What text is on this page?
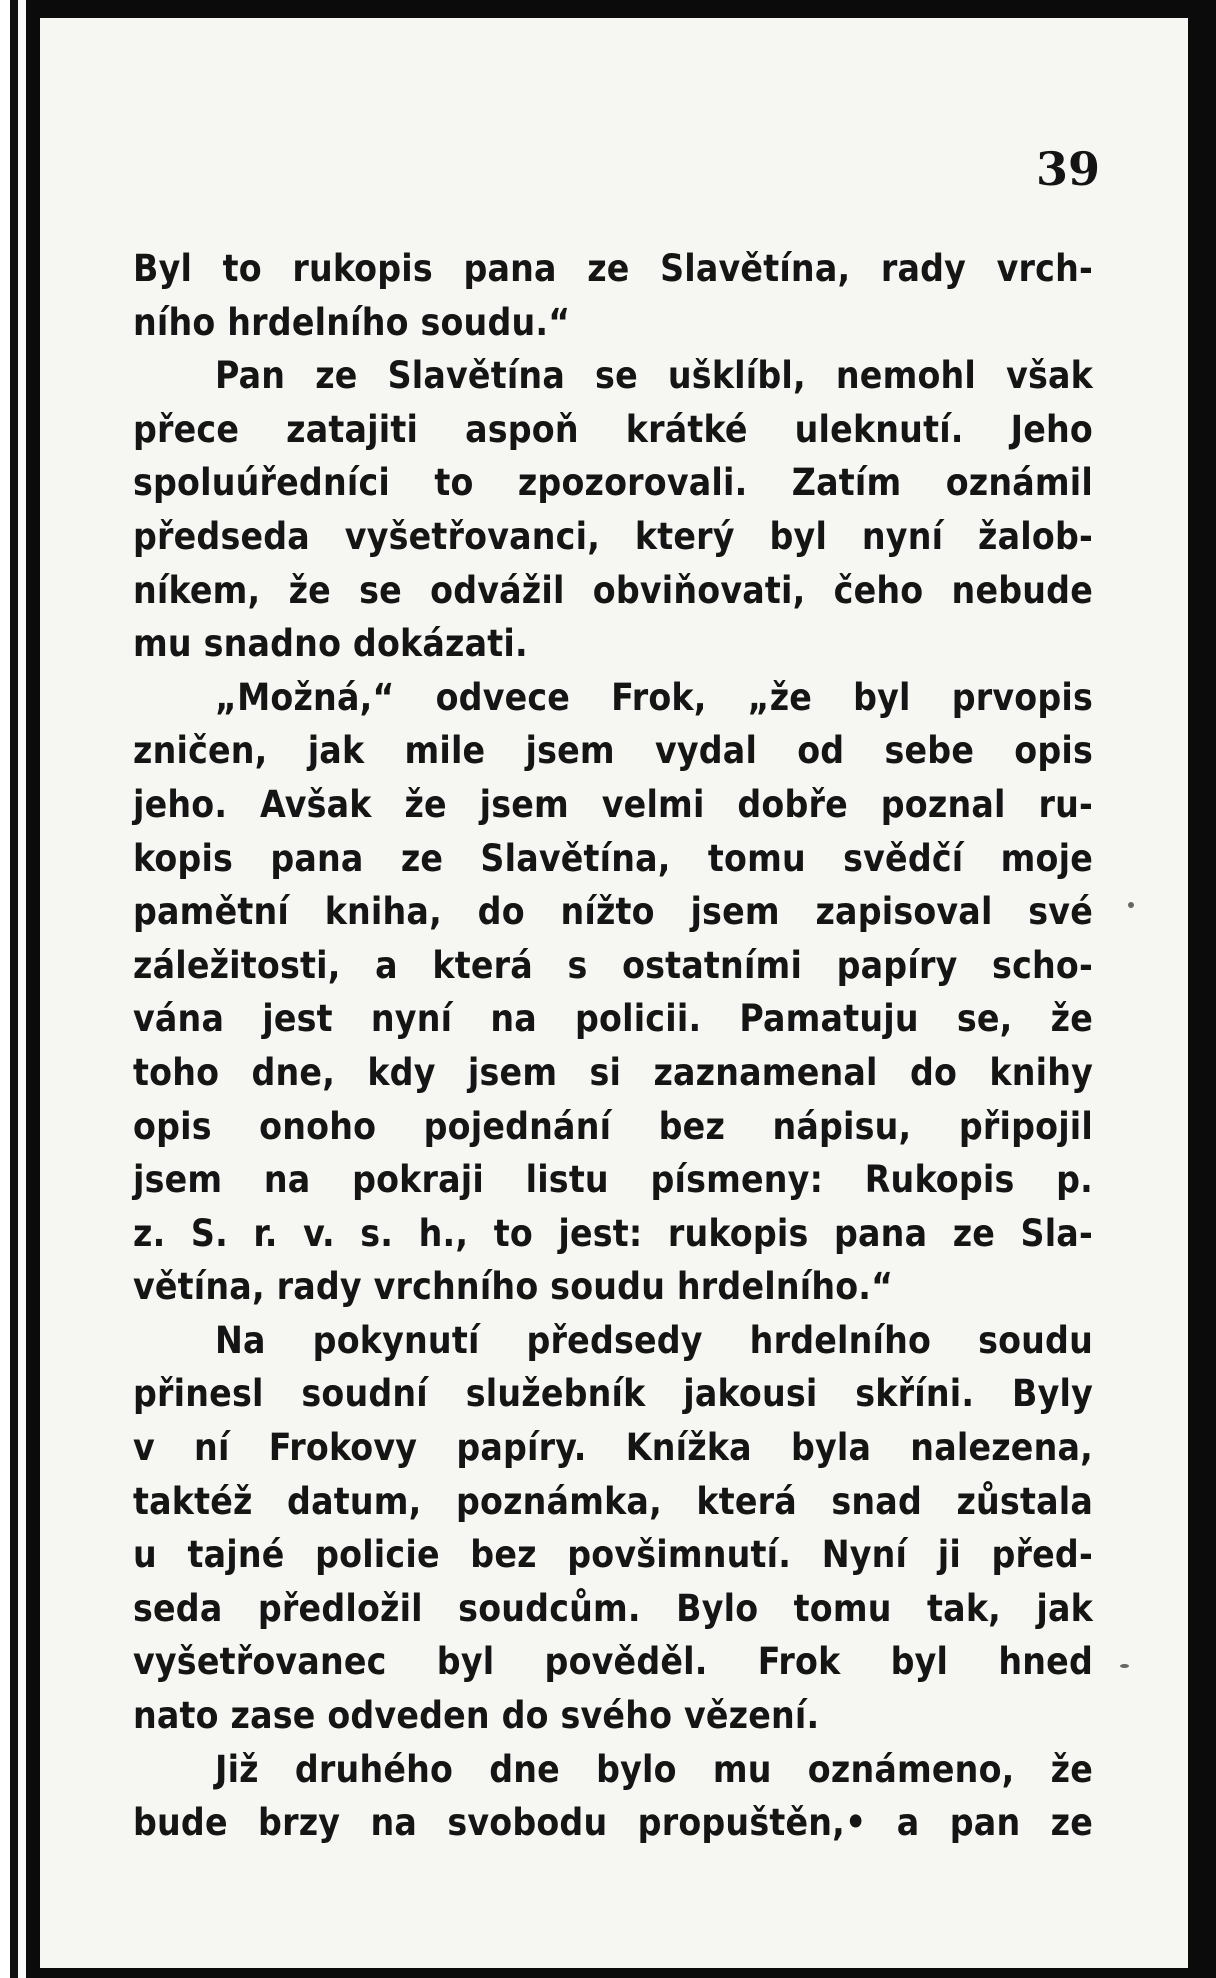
39
Byl to rukopis pana ze Slavětína, rady vrch-
ního hrdelního soudu.“
Pan ze Slavětína se ušklíbl, nemohl však
přece zatajiti aspoň krátké uleknutí. Jeho
spoluúředníci to zpozorovali. Zatím oznámil
předseda vyšetřovanci, který byl nyní žalob-
níkem, že se odvážil obviňovati, čeho nebude
mu snadno dokázati.
„Možná,“ odvece Frok, „že byl prvopis
zničen, jak mile jsem vydal od sebe opis
jeho. Avšak že jsem velmi dobře poznal ru-
kopis pana ze Slavětína, tomu svědčí moje
pamětní kniha, do nížto jsem zapisoval své
záležitosti, a která s ostatními papíry scho-
vána jest nyní na policii. Pamatuju se, že
toho dne, kdy jsem si zaznamenal do knihy
opis onoho pojednání bez nápisu, připojil
jsem na pokraji listu písmeny: Rukopis p.
z. S. r. v. s. h., to jest: rukopis pana ze Sla-
větína, rady vrchního soudu hrdelního.“
Na pokynutí předsedy hrdelního soudu
přinesl soudní služebník jakousi skříni. Byly
v ní Frokovy papíry. Knížka byla nalezena,
taktéž datum, poznámka, která snad zůstala
u tajné policie bez povšimnutí. Nyní ji před-
seda předložil soudcům. Bylo tomu tak, jak
vyšetřovanec byl pověděl. Frok byl hned
nato zase odveden do svého vězení.
Již druhého dne bylo mu oznámeno, že
bude brzy na svobodu propuštěn,• a pan ze
